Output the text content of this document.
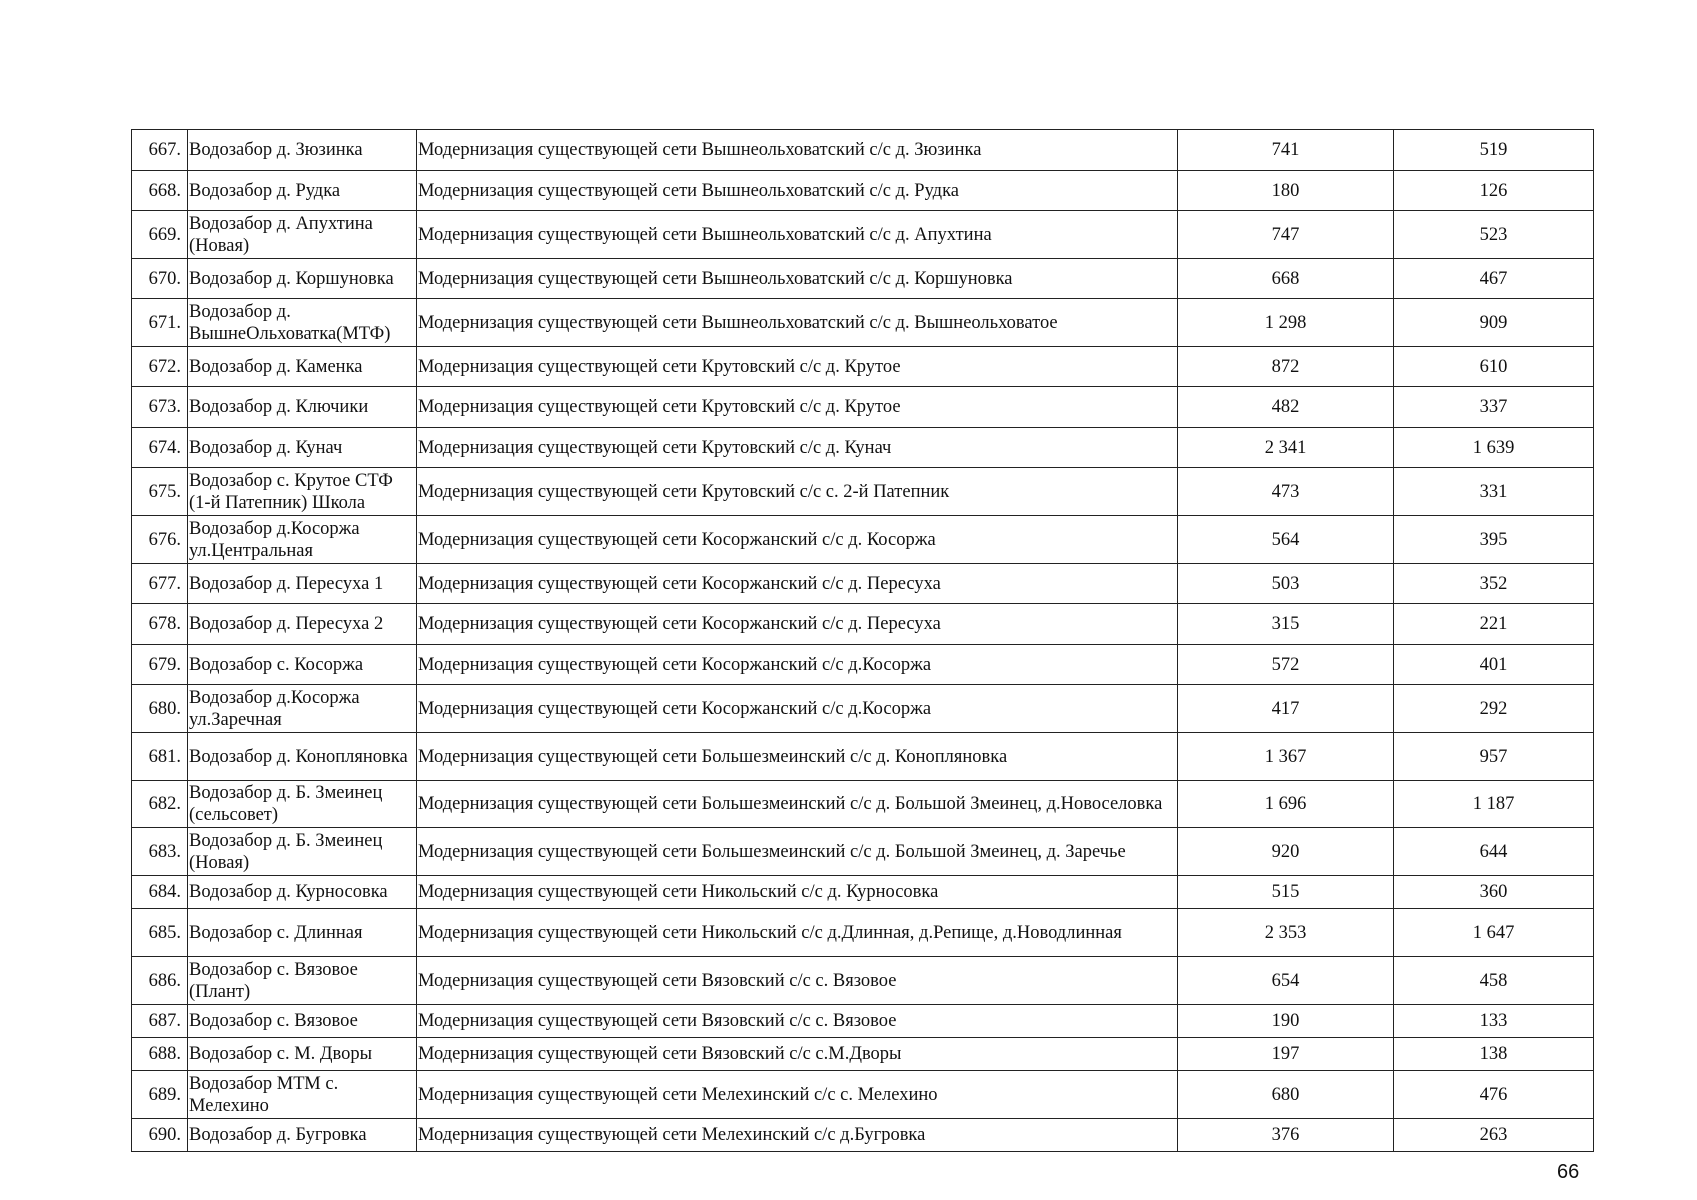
667.	Водозабор д. Зюзинка	Модернизация существующей сети Вышнеольховатский с/с д. Зюзинка	741	519
668.	Водозабор д. Рудка	Модернизация существующей сети Вышнеольховатский с/с д. Рудка	180	126
669.	Водозабор д. Апухтина (Новая)	Модернизация существующей сети Вышнеольховатский с/с д. Апухтина	747	523
670.	Водозабор д. Коршуновка	Модернизация существующей сети Вышнеольховатский с/с д. Коршуновка	668	467
671.	Водозабор д. ВышнеОльховатка(МТФ)	Модернизация существующей сети Вышнеольховатский с/с д. Вышнеольховатое	1 298	909
672.	Водозабор д. Каменка	Модернизация существующей сети Крутовский с/с д. Крутое	872	610
673.	Водозабор д. Ключики	Модернизация существующей сети Крутовский с/с д. Крутое	482	337
674.	Водозабор д. Кунач	Модернизация существующей сети Крутовский с/с д. Кунач	2 341	1 639
675.	Водозабор с. Крутое СТФ (1-й Патепник) Школа	Модернизация существующей сети Крутовский с/с с. 2-й Патепник	473	331
676.	Водозабор д.Косоржа ул.Центральная	Модернизация существующей сети Косоржанский с/с д. Косоржа	564	395
677.	Водозабор д. Пересуха 1	Модернизация существующей сети Косоржанский с/с д. Пересуха	503	352
678.	Водозабор д. Пересуха 2	Модернизация существующей сети Косоржанский с/с д. Пересуха	315	221
679.	Водозабор с. Косоржа	Модернизация существующей сети Косоржанский с/с д.Косоржа	572	401
680.	Водозабор д.Косоржа ул.Заречная	Модернизация существующей сети Косоржанский с/с д.Косоржа	417	292
681.	Водозабор д. Конопляновка	Модернизация существующей сети Большезмеинский с/с д. Конопляновка	1 367	957
682.	Водозабор д. Б. Змеинец (сельсовет)	Модернизация существующей сети Большезмеинский с/с д. Большой Змеинец, д.Новоселовка	1 696	1 187
683.	Водозабор д. Б. Змеинец (Новая)	Модернизация существующей сети Большезмеинский с/с д. Большой Змеинец, д. Заречье	920	644
684.	Водозабор д. Курносовка	Модернизация существующей сети Никольский с/с д. Курносовка	515	360
685.	Водозабор с. Длинная	Модернизация существующей сети Никольский с/с д.Длинная, д.Репище, д.Новодлинная	2 353	1 647
686.	Водозабор с. Вязовое (Плант)	Модернизация существующей сети Вязовский с/с с. Вязовое	654	458
687.	Водозабор с. Вязовое	Модернизация существующей сети Вязовский с/с с. Вязовое	190	133
688.	Водозабор с. М. Дворы	Модернизация существующей сети Вязовский с/с с.М.Дворы	197	138
689.	Водозабор МТМ с. Мелехино	Модернизация существующей сети Мелехинский с/с с. Мелехино	680	476
690.	Водозабор д. Бугровка	Модернизация существующей сети Мелехинский с/с д.Бугровка	376	263
66
